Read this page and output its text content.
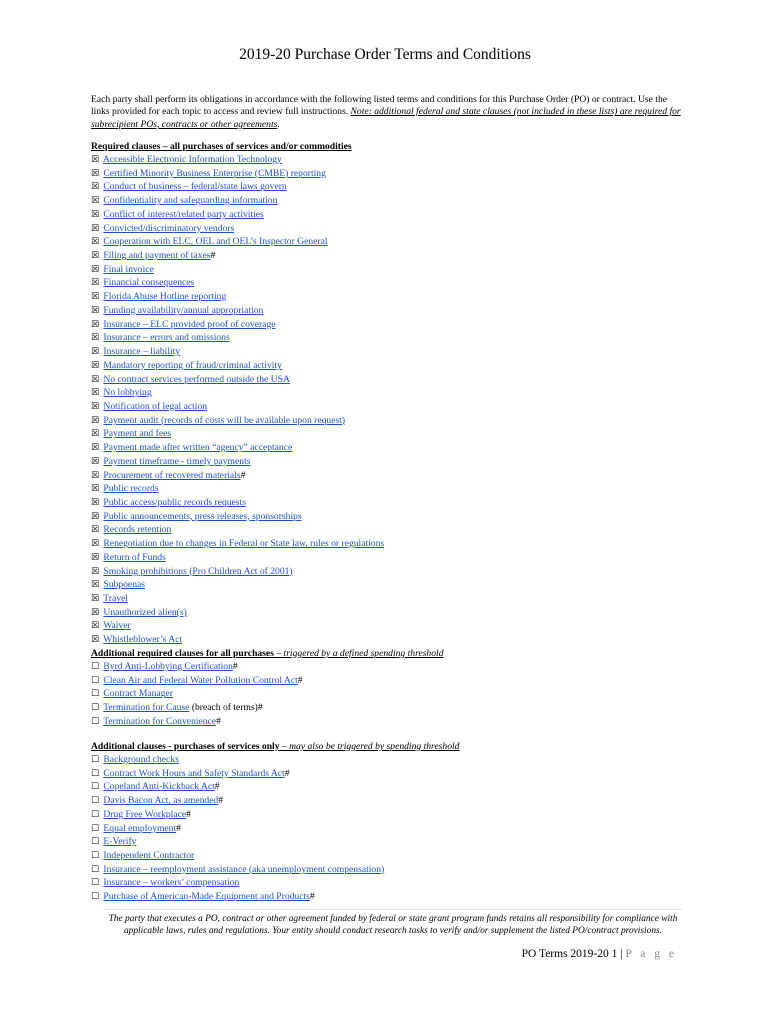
2019-20 Purchase Order Terms and Conditions
Each party shall perform its obligations in accordance with the following listed terms and conditions for this Purchase Order (PO) or contract. Use the links provided for each topic to access and review full instructions. Note: additional federal and state clauses (not included in these lists) are required for subrecipient POs, contracts or other agreements.
Required clauses – all purchases of services and/or commodities
☒ Accessible Electronic Information Technology
☒ Certified Minority Business Enterprise (CMBE) reporting
☒ Conduct of business – federal/state laws govern
☒ Confidentiality and safeguarding information
☒ Conflict of interest/related party activities
☒ Convicted/discriminatory vendors
☒ Cooperation with ELC, OEL and OEL’s Inspector General
☒ Filing and payment of taxes#
☒ Final invoice
☒ Financial consequences
☒ Florida Abuse Hotline reporting
☒ Funding availability/annual appropriation
☒ Insurance – ELC provided proof of coverage
☒ Insurance – errors and omissions
☒ Insurance – liability
☒ Mandatory reporting of fraud/criminal activity
☒ No contract services performed outside the USA
☒ No lobbying
☒ Notification of legal action
☒ Payment audit (records of costs will be available upon request)
☒ Payment and fees
☒ Payment made after written “agency” acceptance
☒ Payment timeframe - timely payments
☒ Procurement of recovered materials#
☒ Public records
☒ Public access/public records requests
☒ Public announcements, press releases, sponsorships
☒ Records retention
☒ Renegotiation due to changes in Federal or State law, rules or regulations
☒ Return of Funds
☒ Smoking prohibitions (Pro Children Act of 2001)
☒ Subpoenas
☒ Travel
☒ Unauthorized alien(s)
☒ Waiver
☒ Whistleblower’s Act
Additional required clauses for all purchases – triggered by a defined spending threshold
☐ Byrd Anti-Lobbying Certification#
☐ Clean Air and Federal Water Pollution Control Act#
☐ Contract Manager
☐ Termination for Cause (breach of terms)#
☐ Termination for Convenience#
Additional clauses - purchases of services only – may also be triggered by spending threshold
☐ Background checks
☐ Contract Work Hours and Safety Standards Act#
☐ Copeland Anti-Kickback Act#
☐ Davis Bacon Act, as amended#
☐ Drug Free Workplace#
☐ Equal employment#
☐ E-Verify
☐ Independent Contractor
☐ Insurance – reemployment assistance (aka unemployment compensation)
☐ Insurance – workers’ compensation
☐ Purchase of American-Made Equipment and Products#
The party that executes a PO, contract or other agreement funded by federal or state grant program funds retains all responsibility for compliance with applicable laws, rules and regulations. Your entity should conduct research tasks to verify and/or supplement the listed PO/contract provisions.
PO Terms 2019-20 1 | P a g e
